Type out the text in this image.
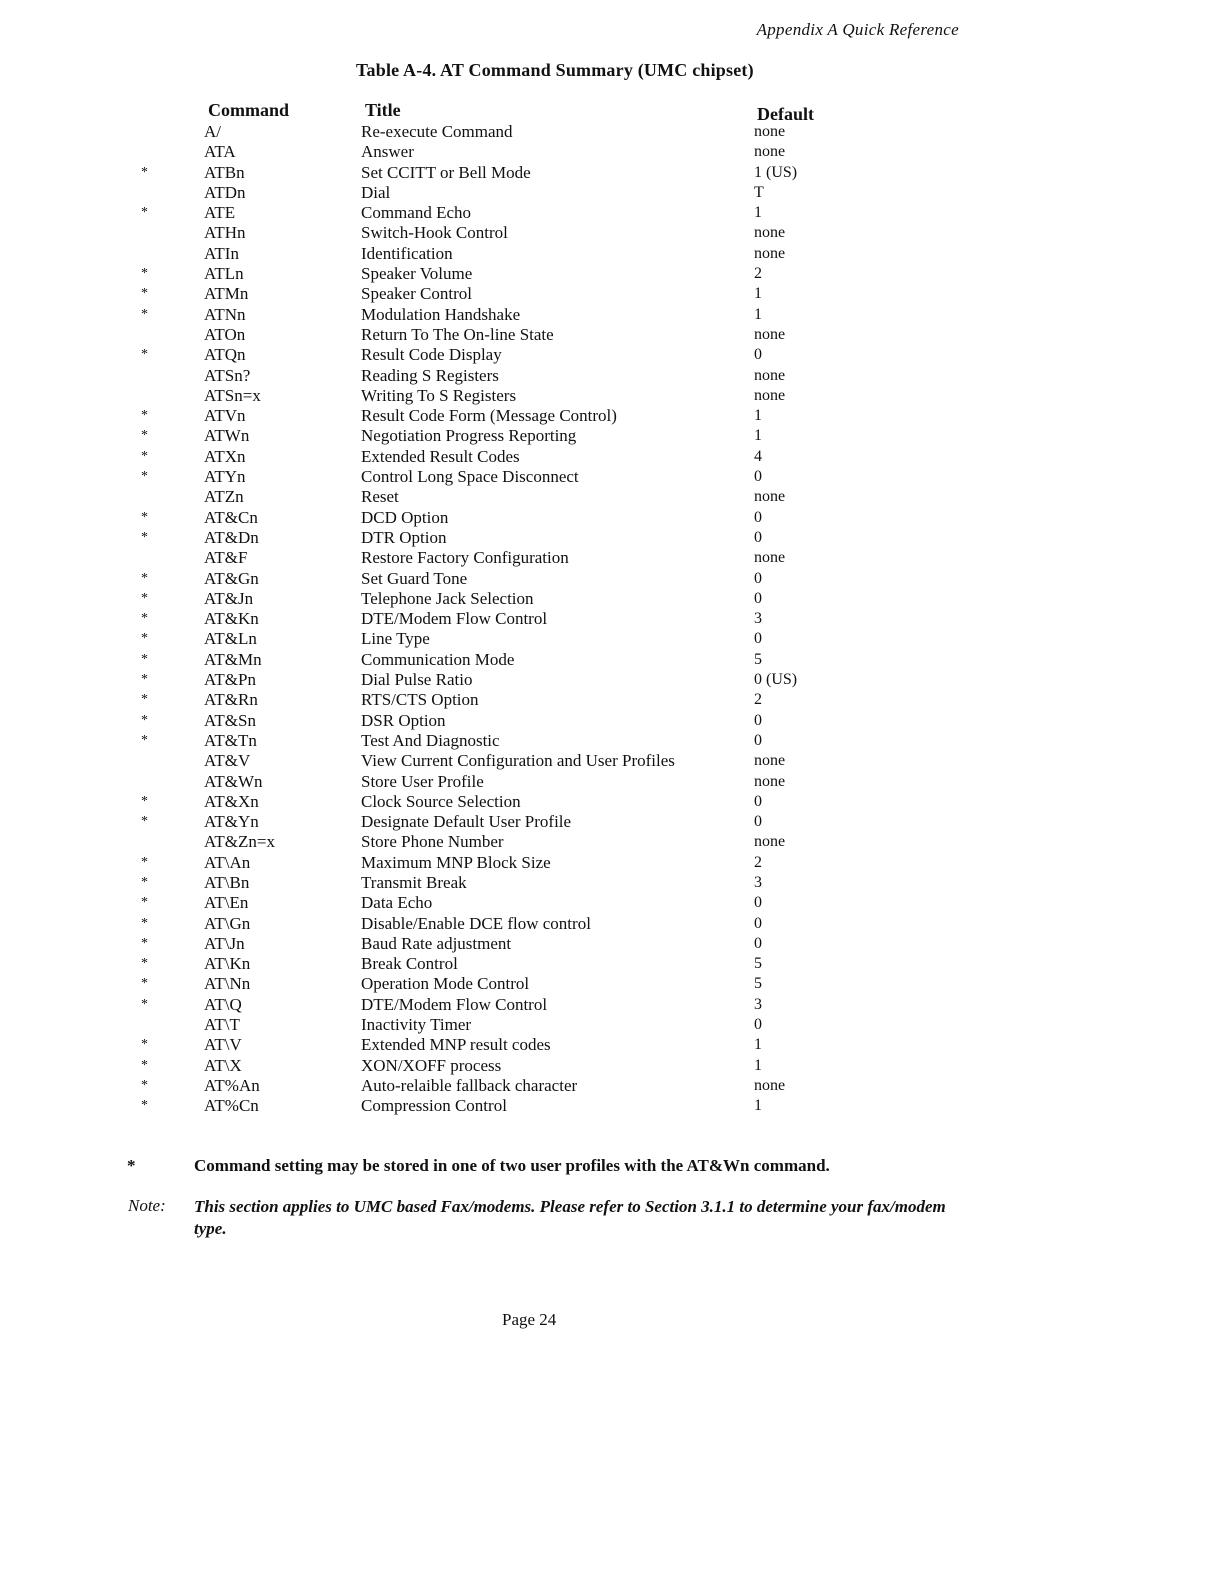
Appendix A Quick Reference
Table A-4. AT Command Summary (UMC chipset)
Command	Title	Default
A/	Re-execute Command	none
ATA	Answer	none
*	ATBn	Set CCITT or Bell Mode	1 (US)
ATDn	Dial	T
*	ATE	Command Echo	1
ATHn	Switch-Hook Control	none
ATIn	Identification	none
*	ATLn	Speaker Volume	2
*	ATMn	Speaker Control	1
*	ATNn	Modulation Handshake	1
ATOn	Return To The On-line State	none
*	ATQn	Result Code Display	0
ATSn?	Reading S Registers	none
ATSn=x	Writing To S Registers	none
*	ATVn	Result Code Form (Message Control)	1
*	ATWn	Negotiation Progress Reporting	1
*	ATXn	Extended Result Codes	4
*	ATYn	Control Long Space Disconnect	0
ATZn	Reset	none
*	AT&Cn	DCD Option	0
*	AT&Dn	DTR Option	0
AT&F	Restore Factory Configuration	none
*	AT&Gn	Set Guard Tone	0
*	AT&Jn	Telephone Jack Selection	0
*	AT&Kn	DTE/Modem Flow Control	3
*	AT&Ln	Line Type	0
*	AT&Mn	Communication Mode	5
*	AT&Pn	Dial Pulse Ratio	0 (US)
*	AT&Rn	RTS/CTS Option	2
*	AT&Sn	DSR Option	0
*	AT&Tn	Test And Diagnostic	0
AT&V	View Current Configuration and User Profiles	none
AT&Wn	Store User Profile	none
*	AT&Xn	Clock Source Selection	0
*	AT&Yn	Designate Default User Profile	0
AT&Zn=x	Store Phone Number	none
*	AT\An	Maximum MNP Block Size	2
*	AT\Bn	Transmit Break	3
*	AT\En	Data Echo	0
*	AT\Gn	Disable/Enable DCE flow control	0
*	AT\Jn	Baud Rate adjustment	0
*	AT\Kn	Break Control	5
*	AT\Nn	Operation Mode Control	5
*	AT\Q	DTE/Modem Flow Control	3
AT\T	Inactivity Timer	0
*	AT\V	Extended MNP result codes	1
*	AT\X	XON/XOFF process	1
*	AT%An	Auto-relaible fallback character	none
*	AT%Cn	Compression Control	1
*	Command setting may be stored in one of two user profiles with the AT&Wn command.
Note: This section applies to UMC based Fax/modems. Please refer to Section 3.1.1 to determine your fax/modem type.
Page 24
